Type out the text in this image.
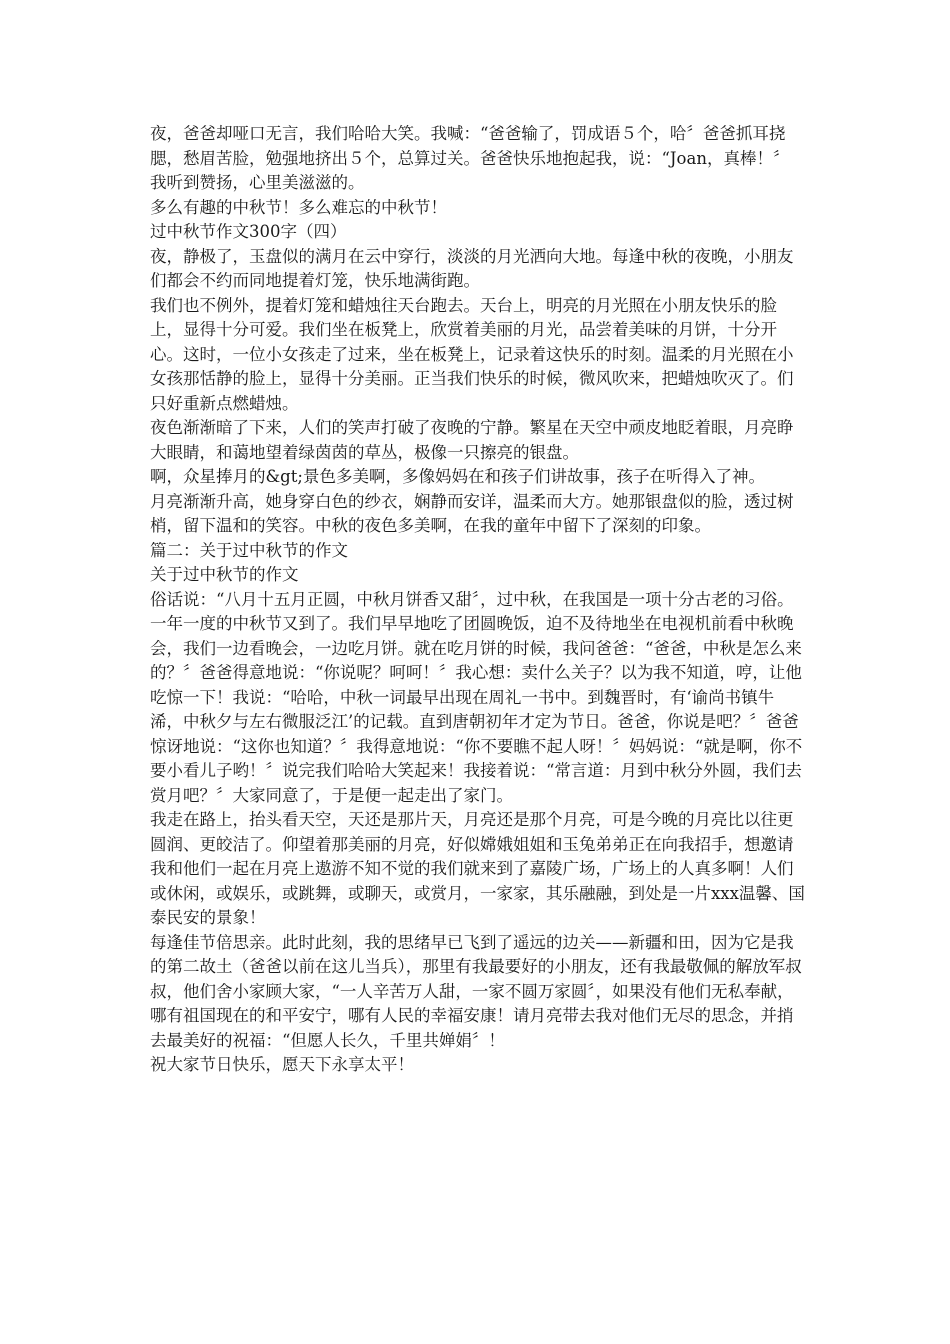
夜，爸爸却哑口无言，我们哈哈大笑。我喊：“爸爸输了，罚成语５个，哈〞爸爸抓耳挠腮，愁眉苦脸，勉强地挤出５个，总算过关。爸爸快乐地抱起我，说：“Joan，真棒！〞我听到赞扬，心里美滋滋的。

多么有趣的中秋节！多么难忘的中秋节！

过中秋节作文300字（四）

夜，静极了，玉盘似的满月在云中穿行，淡淡的月光洒向大地。每逢中秋的夜晚，小朋友们都会不约而同地提着灯笼，快乐地满街跑。

我们也不例外，提着灯笼和蜡烛往天台跑去。天台上，明亮的月光照在小朋友快乐的脸上，显得十分可爱。我们坐在板凳上，欣赏着美丽的月光，品尝着美味的月饼，十分开心。这时，一位小女孩走了过来，坐在板凳上，记录着这快乐的时刻。温柔的月光照在小女孩那恬静的脸上，显得十分美丽。正当我们快乐的时候，微风吹来，把蜡烛吹灭了。们只好重新点燃蜡烛。

夜色渐渐暗了下来，人们的笑声打破了夜晚的宁静。繁星在天空中顽皮地眨着眼，月亮睁大眼睛，和蔼地望着绿茵茵的草丛，极像一只擦亮的银盘。

啊，众星捧月的&gt;景色多美啊，多像妈妈在和孩子们讲故事，孩子在听得入了神。

月亮渐渐升高，她身穿白色的纱衣，娴静而安详，温柔而大方。她那银盘似的脸，透过树梢，留下温和的笑容。中秋的夜色多美啊，在我的童年中留下了深刻的印象。

篇二：关于过中秋节的作文

关于过中秋节的作文

俗话说：“八月十五月正圆，中秋月饼香又甜〞，过中秋，在我国是一项十分古老的习俗。

一年一度的中秋节又到了。我们早早地吃了团圆晚饭，迫不及待地坐在电视机前看中秋晚会，我们一边看晚会，一边吃月饼。就在吃月饼的时候，我问爸爸：“爸爸，中秋是怎么来的？〞爸爸得意地说：“你说呢？呵呵！〞我心想：卖什么关子？以为我不知道，哼，让他吃惊一下！我说：“哈哈，中秋一词最早出现在周礼一书中。到魏晋时，有‘谕尚书镇牛浠，中秋夕与左右微服泛江’的记载。直到唐朝初年才定为节日。爸爸，你说是吧？〞爸爸惊讶地说：“这你也知道？〞我得意地说：“你不要瞧不起人呀！〞妈妈说：“就是啊，你不要小看儿子哟！〞说完我们哈哈大笑起来！我接着说：“常言道：月到中秋分外圆，我们去赏月吧？〞大家同意了，于是便一起走出了家门。

我走在路上，抬头看天空，天还是那片天，月亮还是那个月亮，可是今晚的月亮比以往更圆润、更皎洁了。仰望着那美丽的月亮，好似嫦娥姐姐和玉兔弟弟正在向我招手，想邀请我和他们一起在月亮上遨游不知不觉的我们就来到了嘉陵广场，广场上的人真多啊！人们或休闲，或娱乐，或跳舞，或聊天，或赏月，一家家，其乐融融，到处是一片xxx温馨、国泰民安的景象！

每逢佳节倍思亲。此时此刻，我的思绪早已飞到了遥远的边关——新疆和田，因为它是我的第二故土（爸爸以前在这儿当兵），那里有我最要好的小朋友，还有我最敬佩的解放军叔叔，他们舍小家顾大家，“一人辛苦万人甜，一家不圆万家圆〞，如果没有他们无私奉献，哪有祖国现在的和平安宁，哪有人民的幸福安康！请月亮带去我对他们无尽的思念，并捎去最美好的祝福：“但愿人长久，千里共婵娟〞！

祝大家节日快乐，愿天下永享太平！
